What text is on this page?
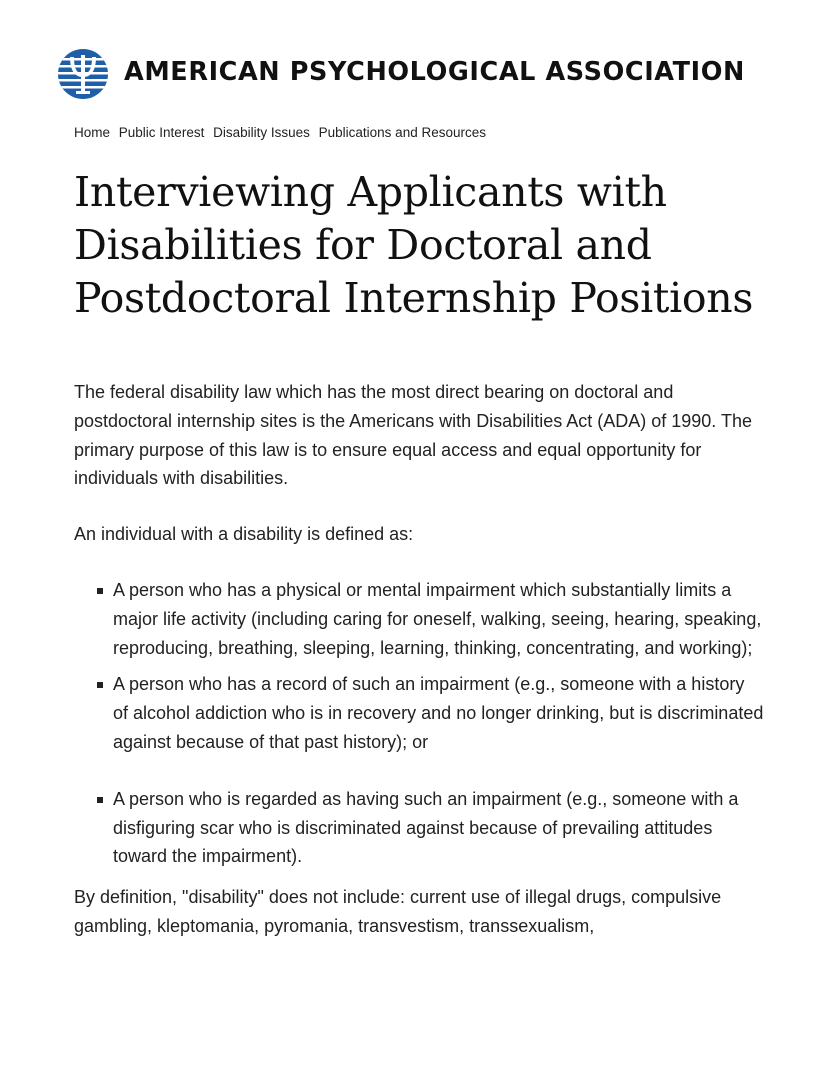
AMERICAN PSYCHOLOGICAL ASSOCIATION
Home Public Interest Disability Issues Publications and Resources
Interviewing Applicants with Disabilities for Doctoral and Postdoctoral Internship Positions

The federal disability law which has the most direct bearing on doctoral and postdoctoral internship sites is the Americans with Disabilities Act (ADA) of 1990. The primary purpose of this law is to ensure equal access and equal opportunity for individuals with disabilities.

An individual with a disability is defined as:

A person who has a physical or mental impairment which substantially limits a major life activity (including caring for oneself, walking, seeing, hearing, speaking, reproducing, breathing, sleeping, learning, thinking, concentrating, and working);
A person who has a record of such an impairment (e.g., someone with a history of alcohol addiction who is in recovery and no longer drinking, but is discriminated against because of that past history); or
A person who is regarded as having such an impairment (e.g., someone with a disfiguring scar who is discriminated against because of prevailing attitudes toward the impairment).

By definition, "disability" does not include: current use of illegal drugs, compulsive gambling, kleptomania, pyromania, transvestism, transsexualism,
